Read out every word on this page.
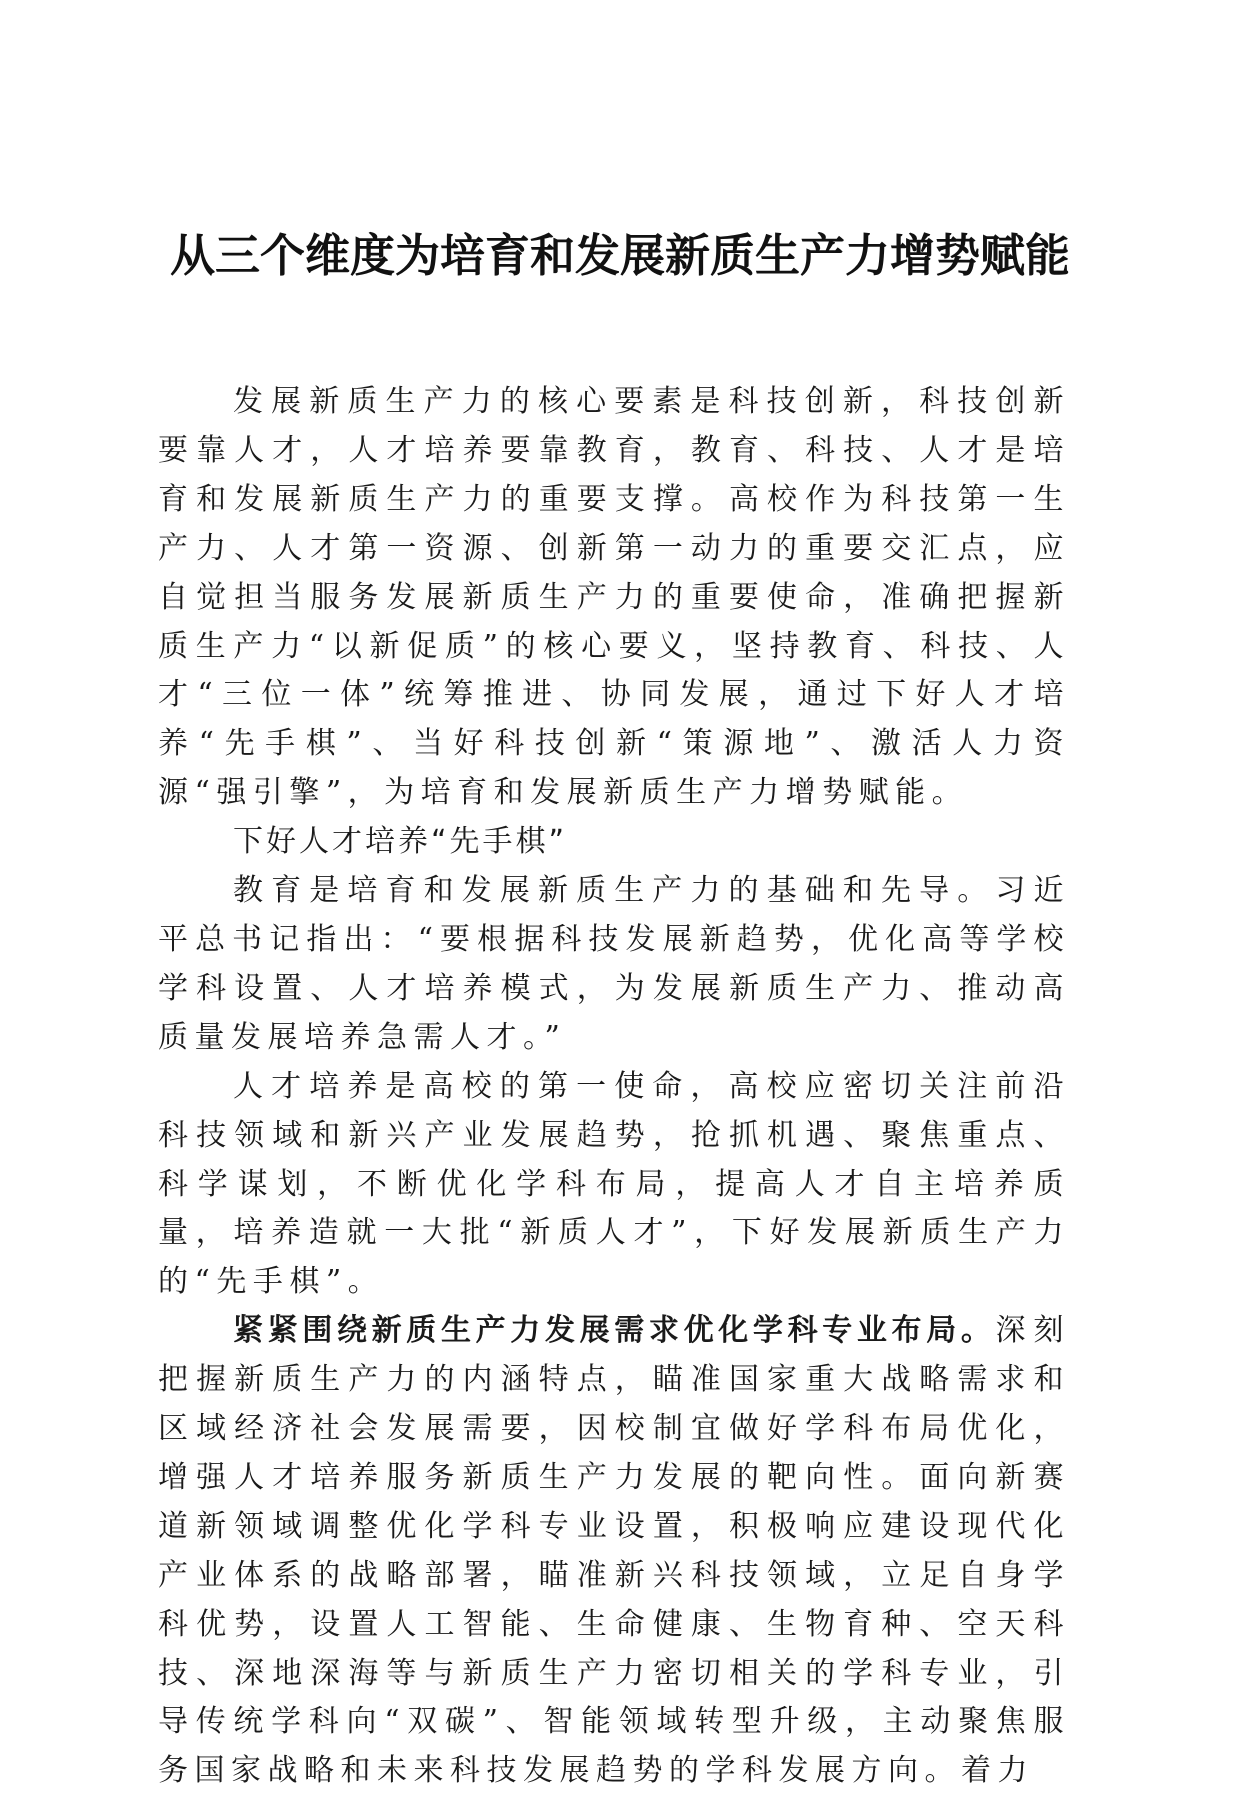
从三个维度为培育和发展新质生产力增势赋能

发展新质生产力的核心要素是科技创新，科技创新要靠人才，人才培养要靠教育，教育、科技、人才是培育和发展新质生产力的重要支撑。高校作为科技第一生产力、人才第一资源、创新第一动力的重要交汇点，应自觉担当服务发展新质生产力的重要使命，准确把握新质生产力“以新促质”的核心要义，坚持教育、科技、人才“三位一体”统筹推进、协同发展，通过下好人才培养“先手棋”、当好科技创新“策源地”、激活人力资源“强引擎”，为培育和发展新质生产力增势赋能。

下好人才培养“先手棋”

教育是培育和发展新质生产力的基础和先导。习近平总书记指出：“要根据科技发展新趋势，优化高等学校学科设置、人才培养模式，为发展新质生产力、推动高质量发展培养急需人才。”

人才培养是高校的第一使命，高校应密切关注前沿科技领域和新兴产业发展趋势，抢抓机遇、聚焦重点、科学谋划，不断优化学科布局，提高人才自主培养质量，培养造就一大批“新质人才”，下好发展新质生产力的“先手棋”。

紧紧围绕新质生产力发展需求优化学科专业布局。深刻把握新质生产力的内涵特点，瞄准国家重大战略需求和区域经济社会发展需要，因校制宜做好学科布局优化，增强人才培养服务新质生产力发展的靶向性。面向新赛道新领域调整优化学科专业设置，积极响应建设现代化产业体系的战略部署，瞄准新兴科技领域，立足自身学科优势，设置人工智能、生命健康、生物育种、空天科技、深地深海等与新质生产力密切相关的学科专业，引导传统学科向“双碳”、智能领域转型升级，主动聚焦服务国家战略和未来科技发展趋势的学科发展方向。着力
